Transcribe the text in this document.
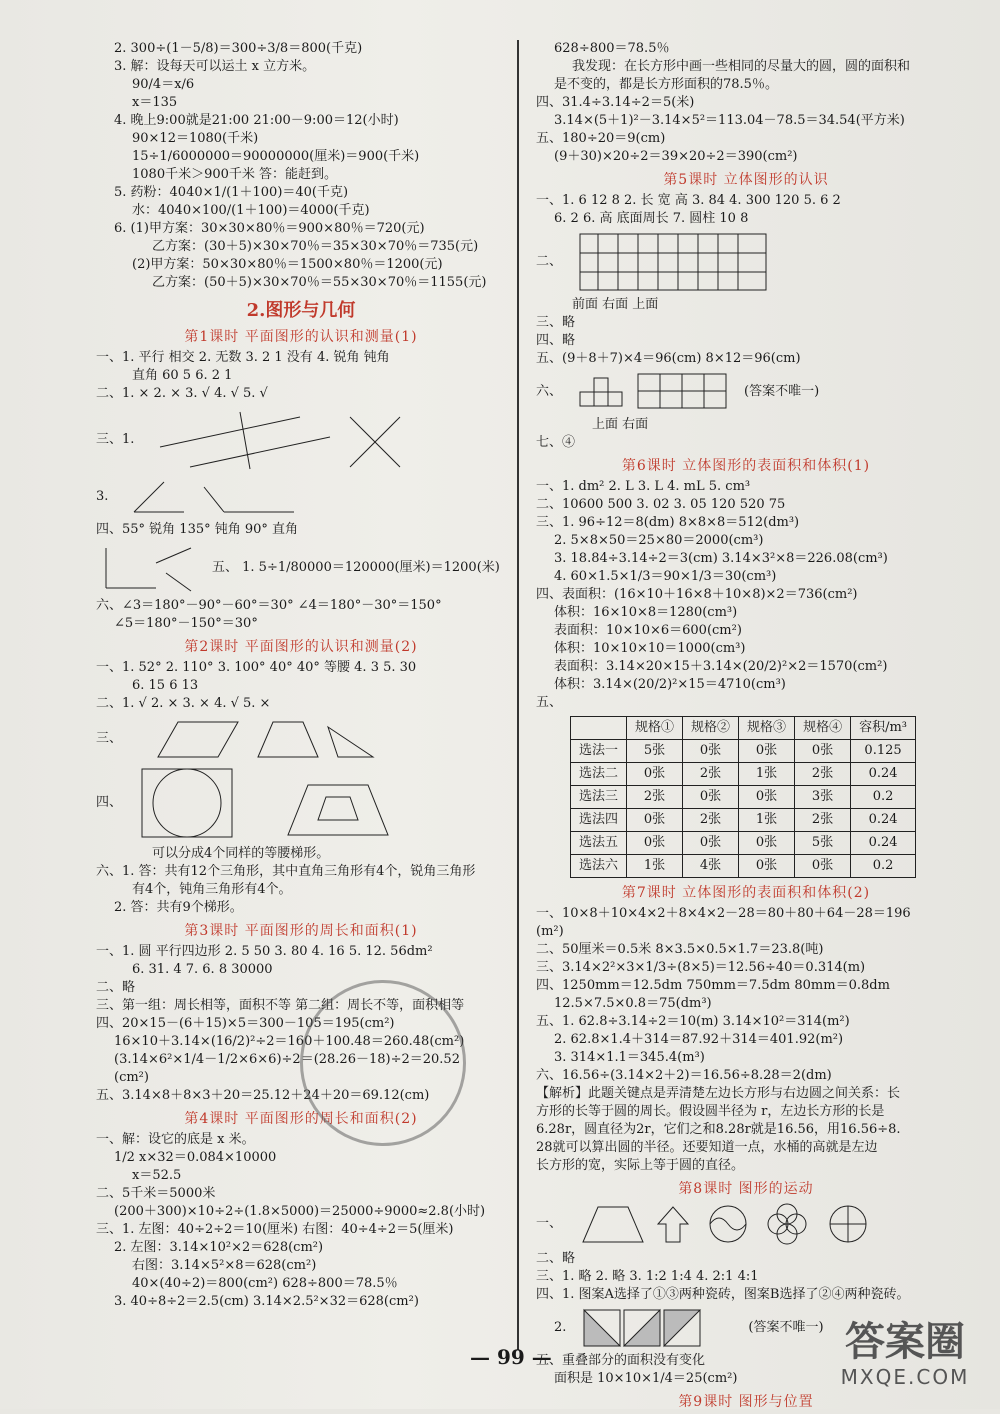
2. 300÷(1－5/8)＝300÷3/8＝800(千克)
3. 解：设每天可以运土 x 立方米。
90/4＝x/6
x＝135
4. 晚上9:00就是21:00 21:00－9:00＝12(小时)
90×12＝1080(千米)
15÷1/6000000＝90000000(厘米)＝900(千米)
1080千米＞900千米 答：能赶到。
5. 药粉：4040×1/(1＋100)＝40(千克)
水：4040×100/(1＋100)＝4000(千克)
6. (1)甲方案：30×30×80％＝900×80％＝720(元)
乙方案：(30＋5)×30×70％＝35×30×70％＝735(元)
(2)甲方案：50×30×80％＝1500×80％＝1200(元)
乙方案：(50＋5)×30×70％＝55×30×70％＝1155(元)
2.图形与几何
第1课时 平面图形的认识和测量(1)
一、1. 平行 相交 2. 无数 3. 2 1 没有 4. 锐角 钝角
直角 60 5 6. 2 1
二、1. × 2. × 3. √ 4. √ 5. √
三、1.
3.
四、55° 锐角 135° 钝角 90° 直角
五、 1. 5÷1/80000＝120000(厘米)＝1200(米)
六、∠3＝180°－90°－60°＝30° ∠4＝180°－30°＝150°
∠5＝180°－150°＝30°
第2课时 平面图形的认识和测量(2)
一、1. 52° 2. 110° 3. 100° 40° 40° 等腰 4. 3 5. 30
6. 15 6 13
二、1. √ 2. × 3. × 4. √ 5. ×
三、
四、
可以分成4个同样的等腰梯形。
六、1. 答：共有12个三角形，其中直角三角形有4个，锐角三角形
有4个，钝角三角形有4个。
2. 答：共有9个梯形。
第3课时 平面图形的周长和面积(1)
一、1. 圆 平行四边形 2. 5 50 3. 80 4. 16 5. 12. 56dm²
6. 31. 4 7. 6. 8 30000
二、略
三、第一组：周长相等，面积不等 第二组：周长不等，面积相等
四、20×15－(6＋15)×5＝300－105＝195(cm²)
16×10＋3.14×(16/2)²÷2＝160＋100.48＝260.48(cm²)
(3.14×6²×1/4－1/2×6×6)÷2＝(28.26－18)÷2＝20.52
(cm²)
五、3.14×8＋8×3＋20＝25.12＋24＋20＝69.12(cm)
第4课时 平面图形的周长和面积(2)
一、解：设它的底是 x 米。
1/2 x×32＝0.084×10000
x＝52.5
二、5千米＝5000米
(200＋300)×10÷2÷(1.8×5000)＝25000÷9000≈2.8(小时)
三、1. 左图：40÷2÷2＝10(厘米) 右图：40÷4÷2＝5(厘米)
2. 左图：3.14×10²×2＝628(cm²)
右图：3.14×5²×8＝628(cm²)
40×(40÷2)＝800(cm²) 628÷800＝78.5％
3. 40÷8÷2＝2.5(cm) 3.14×2.5²×32＝628(cm²)
628÷800＝78.5％
我发现：在长方形中画一些相同的尽量大的圆，圆的面积和
是不变的，都是长方形面积的78.5％。
四、31.4÷3.14÷2＝5(米)
3.14×(5＋1)²－3.14×5²＝113.04－78.5＝34.54(平方米)
五、180÷20＝9(cm)
(9＋30)×20÷2＝39×20÷2＝390(cm²)
第5课时 立体图形的认识
一、1. 6 12 8 2. 长 宽 高 3. 84 4. 300 120 5. 6 2
6. 2 6. 高 底面周长 7. 圆柱 10 8
二、
前面 右面 上面
三、略
四、略
五、(9＋8＋7)×4＝96(cm) 8×12＝96(cm)
六、	(答案不唯一)
上面 右面
七、④
第6课时 立体图形的表面积和体积(1)
一、1. dm² 2. L 3. L 4. mL 5. cm³
二、10600 500 3. 02 3. 05 120 520 75
三、1. 96÷12＝8(dm) 8×8×8＝512(dm³)
2. 5×8×50＝25×80＝2000(cm³)
3. 18.84÷3.14÷2＝3(cm) 3.14×3²×8＝226.08(cm³)
4. 60×1.5×1/3＝90×1/3＝30(cm³)
四、表面积：(16×10＋16×8＋10×8)×2＝736(cm²)
体积：16×10×8＝1280(cm³)
表面积：10×10×6＝600(cm²)
体积：10×10×10＝1000(cm³)
表面积：3.14×20×15＋3.14×(20/2)²×2＝1570(cm²)
体积：3.14×(20/2)²×15＝4710(cm³)
五、
	规格①	规格②	规格③	规格④	容积/m³
选法一	5张	0张	0张	0张	0.125
选法二	0张	2张	1张	2张	0.24
选法三	2张	0张	0张	3张	0.2
选法四	0张	2张	1张	2张	0.24
选法五	0张	0张	0张	5张	0.24
选法六	1张	4张	0张	0张	0.2
第7课时 立体图形的表面积和体积(2)
一、10×8＋10×4×2＋8×4×2－28＝80＋80＋64－28＝196
(m²)
二、50厘米＝0.5米 8×3.5×0.5×1.7＝23.8(吨)
三、3.14×2²×3×1/3÷(8×5)＝12.56÷40＝0.314(m)
四、1250mm＝12.5dm 750mm＝7.5dm 80mm＝0.8dm
12.5×7.5×0.8＝75(dm³)
五、1. 62.8÷3.14÷2＝10(m) 3.14×10²＝314(m²)
2. 62.8×1.4＋314＝87.92＋314＝401.92(m²)
3. 314×1.1＝345.4(m³)
六、16.56÷(3.14×2＋2)＝16.56÷8.28＝2(dm)
【解析】此题关键点是弄清楚左边长方形与右边圆之间关系：长
方形的长等于圆的周长。假设圆半径为 r，左边长方形的长是
6.28r，圆直径为2r，它们之和8.28r就是16.56，用16.56÷8.
28就可以算出圆的半径。还要知道一点，水桶的高就是左边
长方形的宽，实际上等于圆的直径。
第8课时 图形的运动
一、
二、略
三、1. 略 2. 略 3. 1:2 1:4 4. 2:1 4:1
四、1. 图案A选择了①③两种瓷砖，图案B选择了②④两种瓷砖。
2.	(答案不唯一)
五、重叠部分的面积没有变化
面积是 10×10×1/4＝25(cm²)
第9课时 图形与位置
— 99 —	答案圈
MXQE.COM
